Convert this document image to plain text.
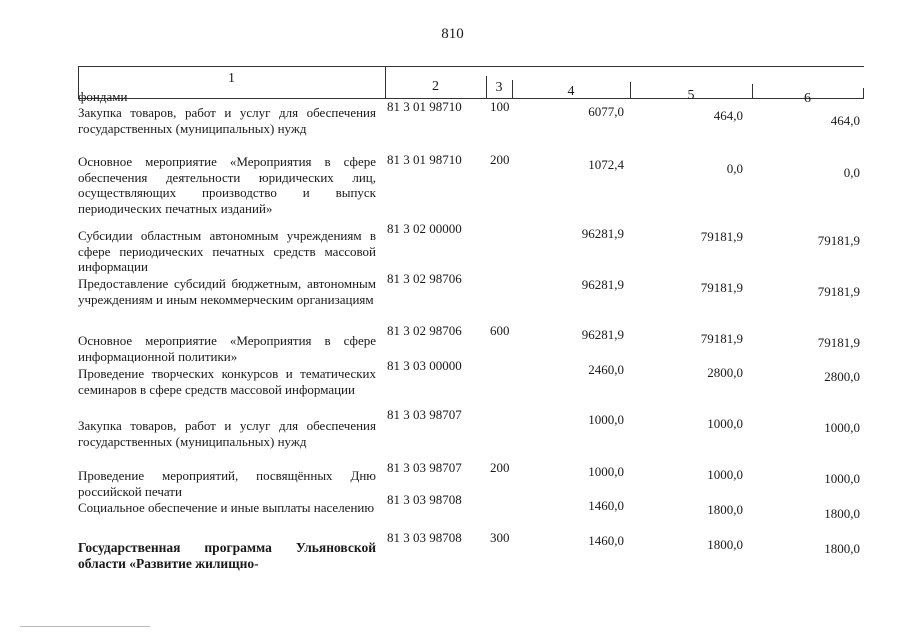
810
1
2	3	4	5	6
фондами
Закупка товаров, работ и услуг для обеспечения государственных (муниципальных) нужд
81 3 01 98710 100	6077,0	464,0	464,0
Основное мероприятие «Мероприятия в сфере обеспечения деятельности юридических лиц, осуществляющих производство и выпуск периодических печатных изданий»
81 3 01 98710 200	1072,4	0,0	0,0
Субсидии областным автономным учреждениям в сфере периодических печатных средств массовой информации
81 3 02 00000	96281,9	79181,9	79181,9
Предоставление субсидий бюджетным, автономным учреждениям и иным некоммерческим организациям
81 3 02 98706	96281,9	79181,9	79181,9
Основное мероприятие «Мероприятия в сфере информационной политики»
81 3 02 98706 600	96281,9	79181,9	79181,9
Проведение творческих конкурсов и тематических семинаров в сфере средств массовой информации
81 3 03 00000	2460,0	2800,0	2800,0
Закупка товаров, работ и услуг для обеспечения государственных (муниципальных) нужд
81 3 03 98707	1000,0	1000,0	1000,0
Проведение мероприятий, посвящённых Дню российской печати
81 3 03 98707 200	1000,0	1000,0	1000,0
Социальное обеспечение и иные выплаты населению
81 3 03 98708	1460,0	1800,0	1800,0
Государственная программа Ульяновской области «Развитие жилищно-
81 3 03 98708 300	1460,0	1800,0	1800,0
